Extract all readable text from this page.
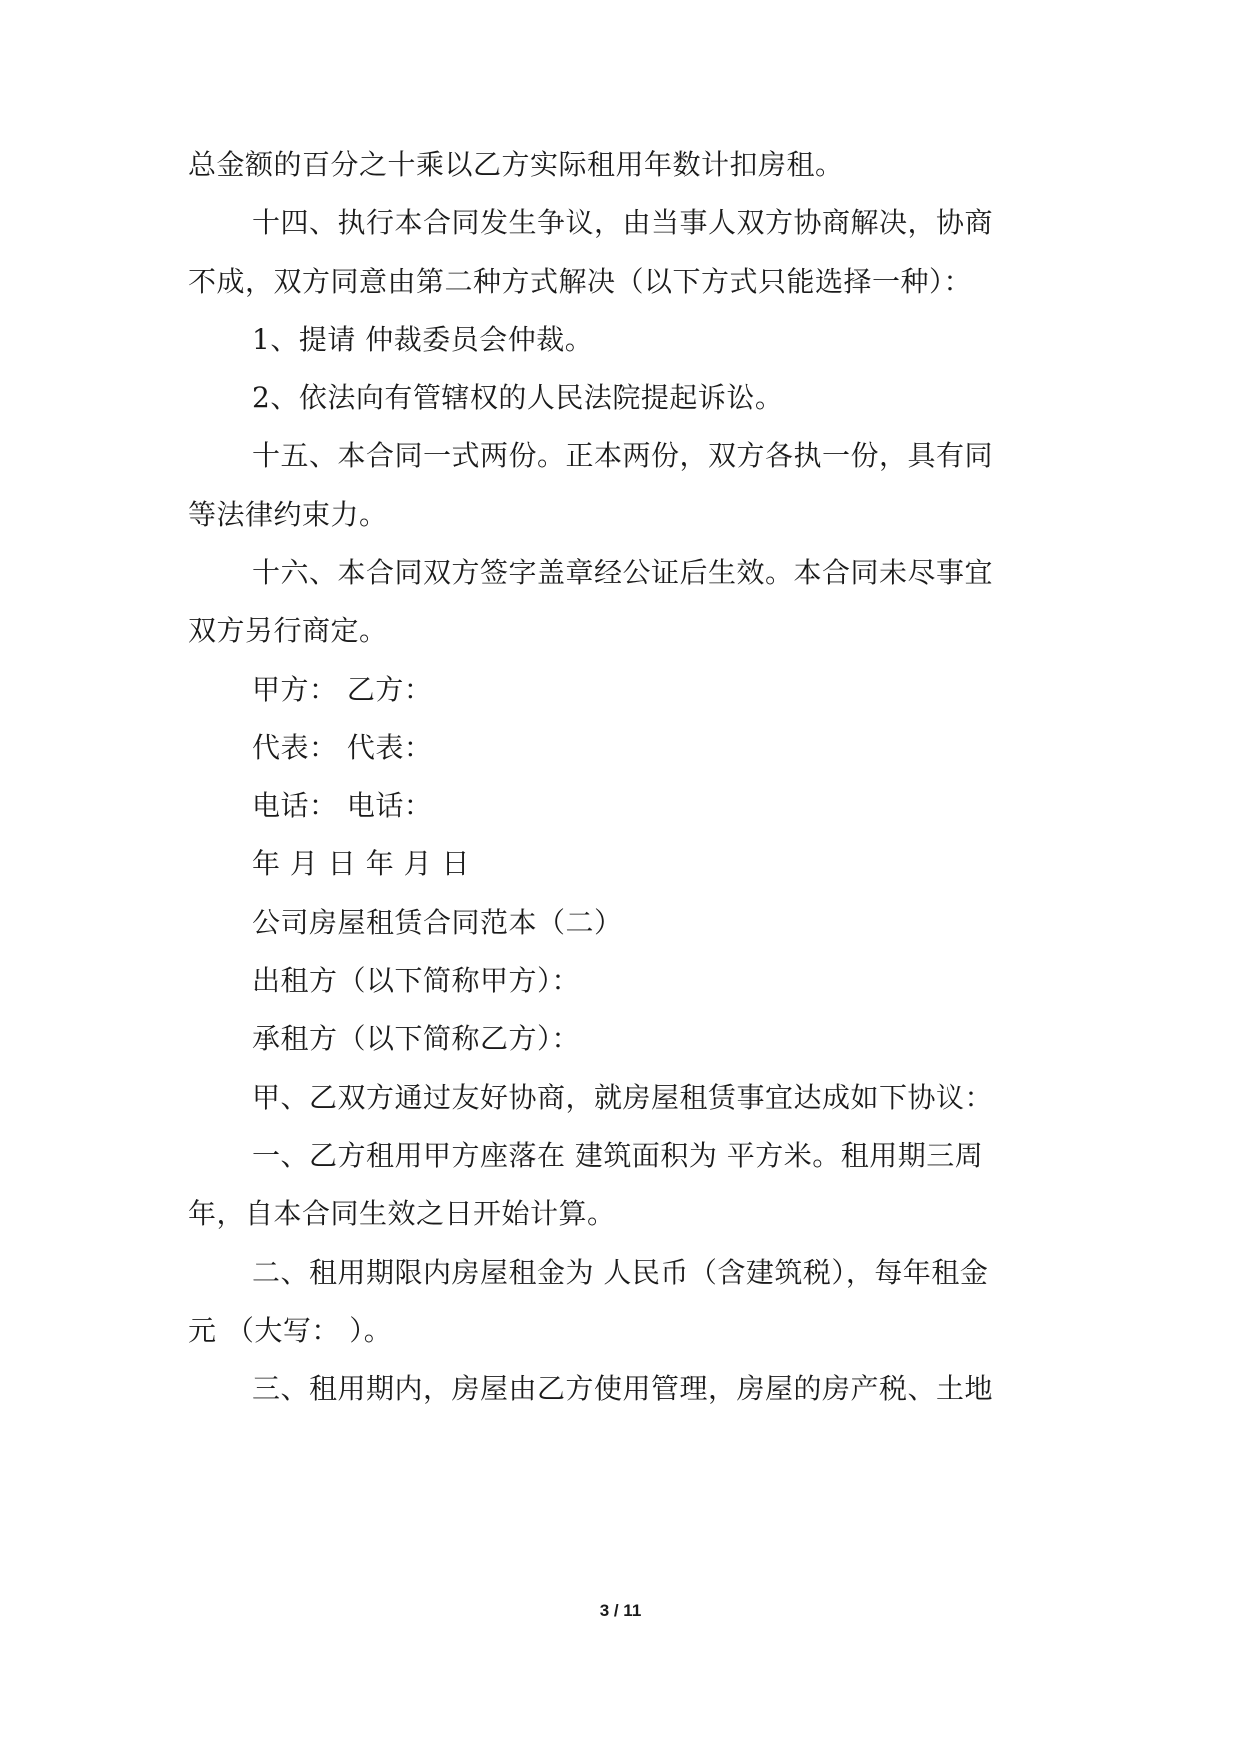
总金额的百分之十乘以乙方实际租用年数计扣房租。
十四、执行本合同发生争议，由当事人双方协商解决，协商
不成，双方同意由第二种方式解决（以下方式只能选择一种）：
1、提请 仲裁委员会仲裁。
2、依法向有管辖权的人民法院提起诉讼。
十五、本合同一式两份。正本两份，双方各执一份，具有同
等法律约束力。
十六、本合同双方签字盖章经公证后生效。本合同未尽事宜
双方另行商定。
甲方： 乙方：
代表： 代表：
电话： 电话：
年 月 日 年 月 日
公司房屋租赁合同范本（二）
出租方（以下简称甲方）：
承租方（以下简称乙方）：
甲、乙双方通过友好协商，就房屋租赁事宜达成如下协议：
一、乙方租用甲方座落在 建筑面积为 平方米。租用期三周
年，自本合同生效之日开始计算。
二、租用期限内房屋租金为 人民币（含建筑税），每年租金
元 （大写： ）。
三、租用期内，房屋由乙方使用管理，房屋的房产税、土地
3 / 11
